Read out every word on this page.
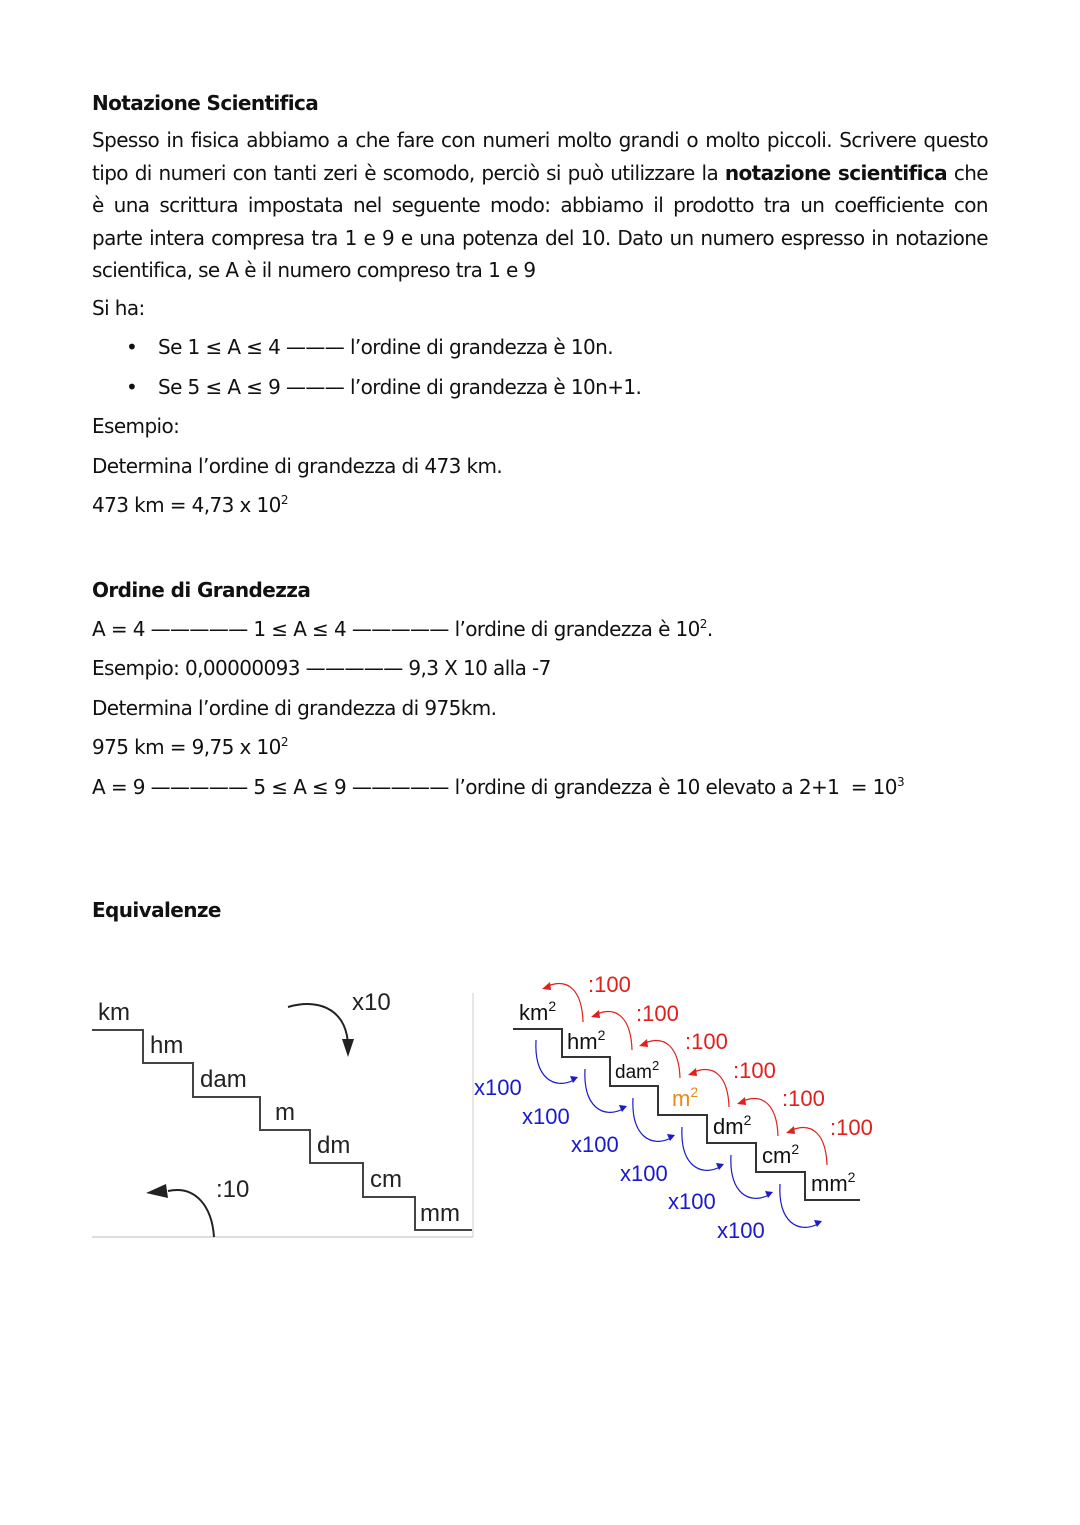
Notazione Scientifica

Spesso in fisica abbiamo a che fare con numeri molto grandi o molto piccoli. Scrivere questo tipo di numeri con tanti zeri è scomodo, perciò si può utilizzare la notazione scientifica che è una scrittura impostata nel seguente modo: abbiamo il prodotto tra un coefficiente con parte intera compresa tra 1 e 9 e una potenza del 10. Dato un numero espresso in notazione scientifica, se A è il numero compreso tra 1 e 9

Si ha:

• Se 1 ≤ A ≤ 4 ——— l’ordine di grandezza è 10n.

• Se 5 ≤ A ≤ 9 ——— l’ordine di grandezza è 10n+1.

Esempio:

Determina l’ordine di grandezza di 473 km.

473 km = 4,73 x $10^2$

Ordine di Grandezza

A = 4 ————— 1 ≤ A ≤ 4 ————— l’ordine di grandezza è $10^2$.

Esempio: 0,00000093 ————— 9,3 X 10 alla -7

Determina l’ordine di grandezza di 975km.

975 km = 9,75 x $10^2$

A = 9 ————— 5 ≤ A ≤ 9 ————— l’ordine di grandezza è 10 elevato a $2+1 = 10^3$

Equivalenze

km
hm
dam
m
dm
cm
mm
x10
:10
$km^2$
$hm^2$
dam$^2$
$m^2$
$dm^2$
$cm^2$
$mm^2$
:100
:100
:100
:100
:100
:100
x100
x100
x100
x100
x100
x100
